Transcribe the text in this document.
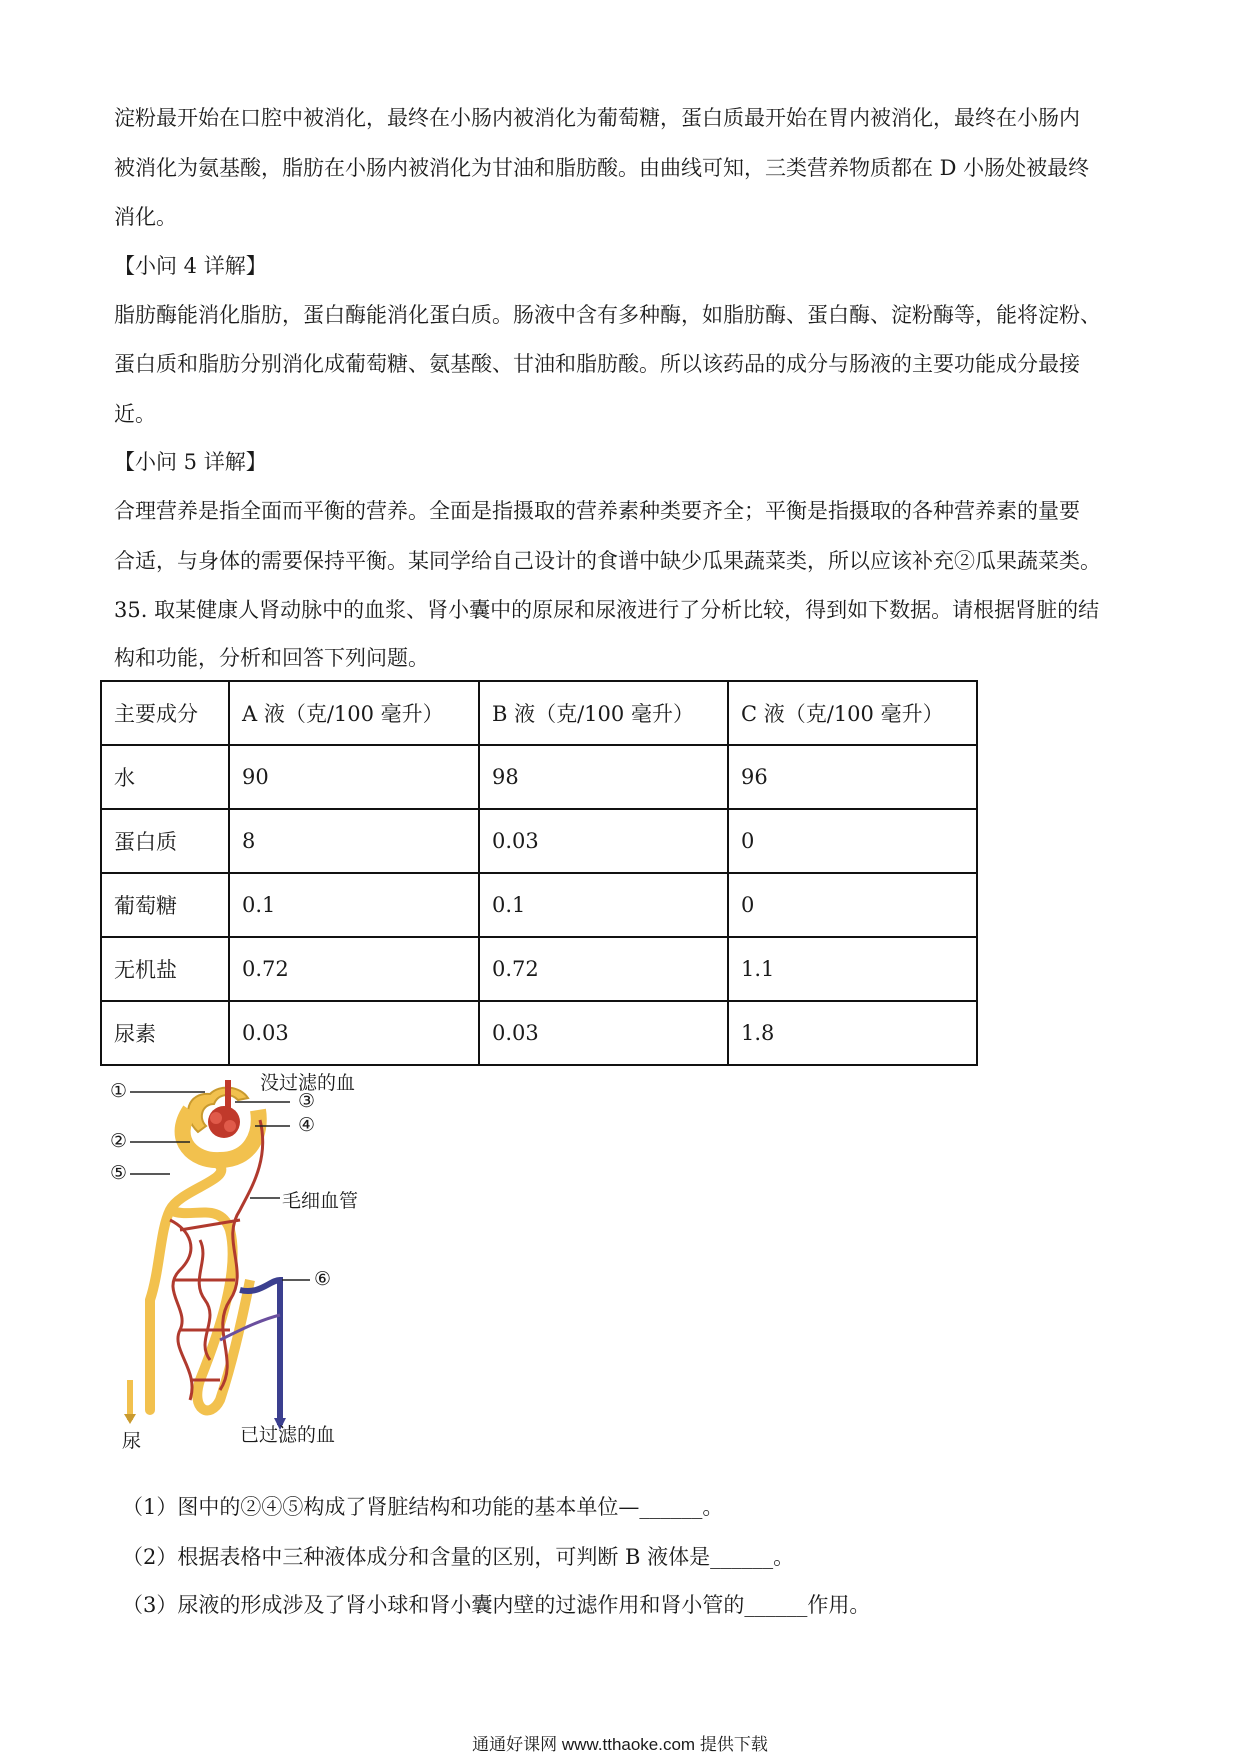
淀粉最开始在口腔中被消化，最终在小肠内被消化为葡萄糖，蛋白质最开始在胃内被消化，最终在小肠内
被消化为氨基酸，脂肪在小肠内被消化为甘油和脂肪酸。由曲线可知，三类营养物质都在 D 小肠处被最终
消化。
【小问 4 详解】
脂肪酶能消化脂肪，蛋白酶能消化蛋白质。肠液中含有多种酶，如脂肪酶、蛋白酶、淀粉酶等，能将淀粉、
蛋白质和脂肪分别消化成葡萄糖、氨基酸、甘油和脂肪酸。所以该药品的成分与肠液的主要功能成分最接
近。
【小问 5 详解】
合理营养是指全面而平衡的营养。全面是指摄取的营养素种类要齐全；平衡是指摄取的各种营养素的量要
合适，与身体的需要保持平衡。某同学给自己设计的食谱中缺少瓜果蔬菜类，所以应该补充②瓜果蔬菜类。
35. 取某健康人肾动脉中的血浆、肾小囊中的原尿和尿液进行了分析比较，得到如下数据。请根据肾脏的结
构和功能，分析和回答下列问题。
主要成分	A 液（克/100 毫升）	B 液（克/100 毫升）	C 液（克/100 毫升）
水	90	98	96
蛋白质	8	0.03	0
葡萄糖	0.1	0.1	0
无机盐	0.72	0.72	1.1
尿素	0.03	0.03	1.8
没过滤的血
①	③
④
②
⑤
毛细血管
⑥
尿	已过滤的血
（1）图中的②④⑤构成了肾脏结构和功能的基本单位—______。
（2）根据表格中三种液体成分和含量的区别，可判断 B 液体是______。
（3）尿液的形成涉及了肾小球和肾小囊内壁的过滤作用和肾小管的______作用。
通通好课网 www.tthaoke.com 提供下载
